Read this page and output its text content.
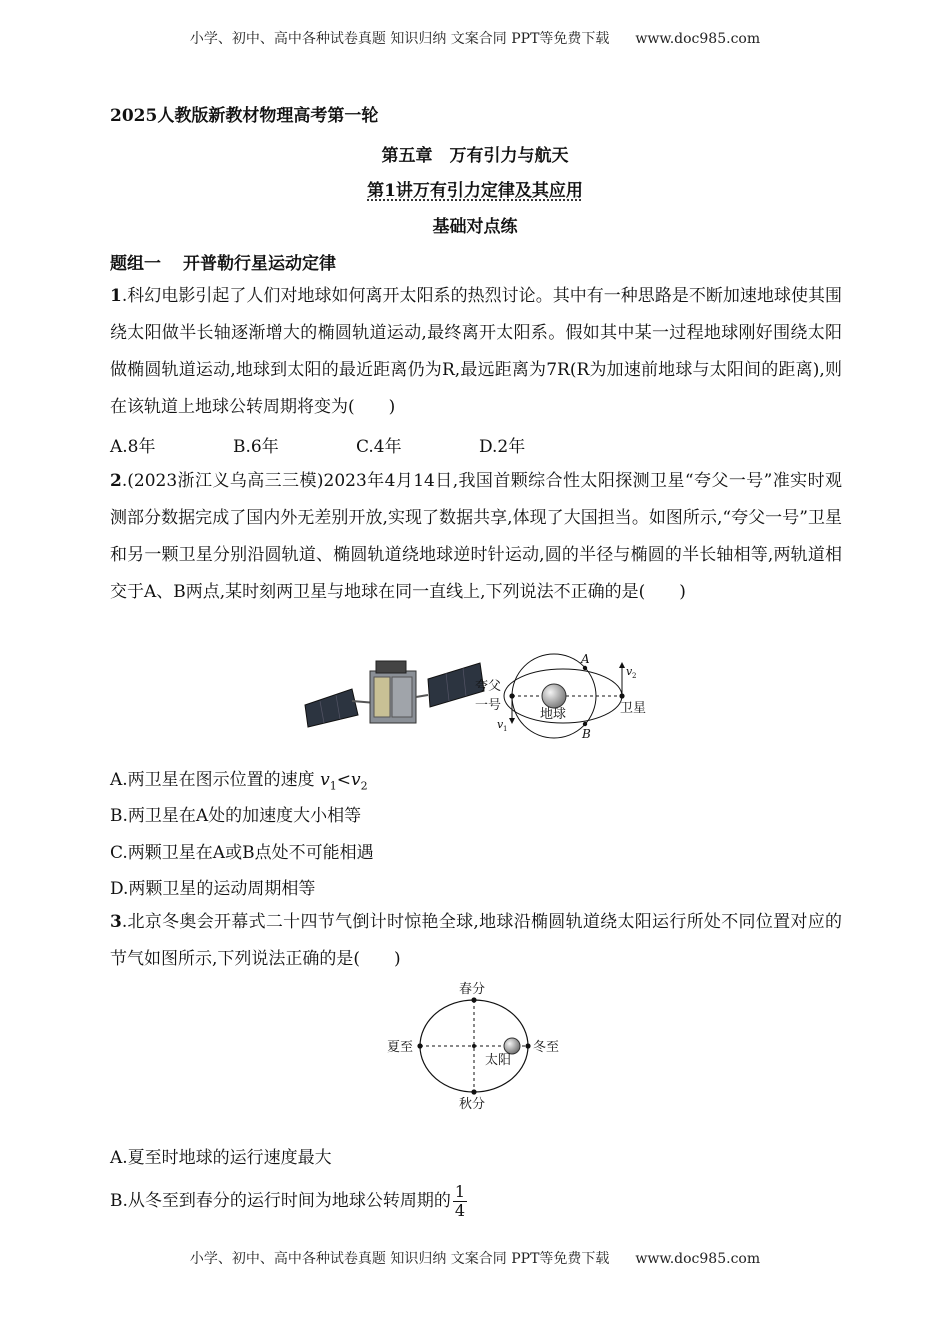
小学、初中、高中各种试卷真题 知识归纳 文案合同 PPT等免费下载 www.doc985.com
2025人教版新教材物理高考第一轮
第五章　万有引力与航天
第1讲万有引力定律及其应用
基础对点练
题组一 开普勒行星运动定律
1.科幻电影引起了人们对地球如何离开太阳系的热烈讨论。其中有一种思路是不断加速地球使其围绕太阳做半长轴逐渐增大的椭圆轨道运动,最终离开太阳系。假如其中某一过程地球刚好围绕太阳做椭圆轨道运动,地球到太阳的最近距离仍为R,最远距离为7R(R为加速前地球与太阳间的距离),则在该轨道上地球公转周期将变为(　　)
A.8年	B.6年	C.4年	D.2年
2.(2023浙江义乌高三三模)2023年4月14日,我国首颗综合性太阳探测卫星“夸父一号”准实时观测部分数据完成了国内外无差别开放,实现了数据共享,体现了大国担当。如图所示,“夸父一号”卫星和另一颗卫星分别沿圆轨道、椭圆轨道绕地球逆时针运动,圆的半径与椭圆的半长轴相等,两轨道相交于A、B两点,某时刻两卫星与地球在同一直线上,下列说法不正确的是(　　)
夸父
一号
地球	卫星
A
B
v 1
v 2
A.两卫星在图示位置的速度 $v_1<v_2$
B.两卫星在A处的加速度大小相等
C.两颗卫星在A或B点处不可能相遇
D.两颗卫星的运动周期相等
3.北京冬奥会开幕式二十四节气倒计时惊艳全球,地球沿椭圆轨道绕太阳运行所处不同位置对应的节气如图所示,下列说法正确的是(　　)
春分
秋分
夏至	冬至
太阳
A.夏至时地球的运行速度最大
B.从冬至到春分的运行时间为地球公转周期的 $\frac{1}{4}$
小学、初中、高中各种试卷真题 知识归纳 文案合同 PPT等免费下载 www.doc985.com
